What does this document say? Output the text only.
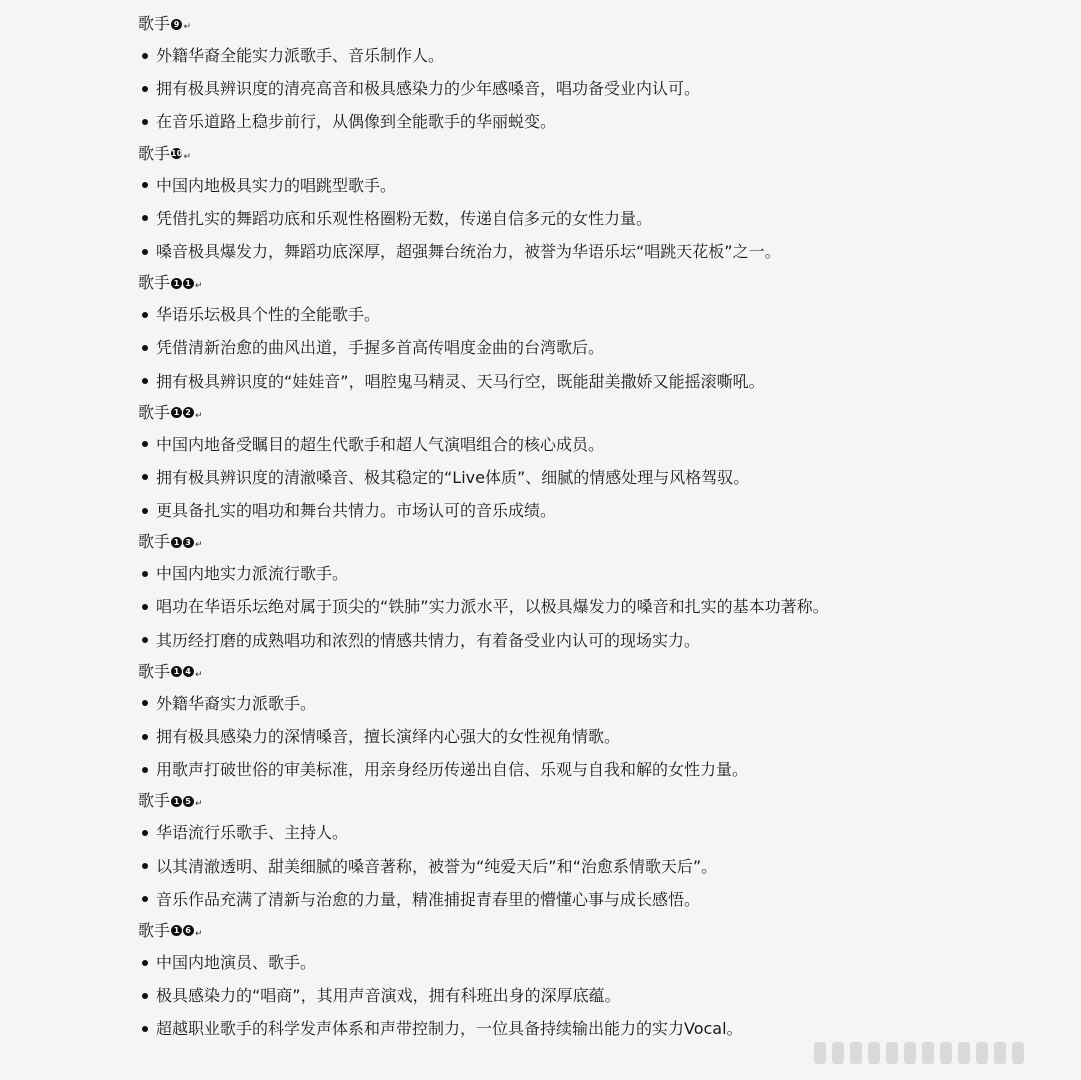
歌手 9 ↵
外籍华裔全能实力派歌手、音乐制作人。
拥有极具辨识度的清亮高音和极具感染力的少年感嗓音，唱功备受业内认可。
在音乐道路上稳步前行，从偶像到全能歌手的华丽蜕变。
歌手 10 ↵
中国内地极具实力的唱跳型歌手。
凭借扎实的舞蹈功底和乐观性格圈粉无数，传递自信多元的女性力量。
嗓音极具爆发力，舞蹈功底深厚，超强舞台统治力，被誉为华语乐坛“唱跳天花板”之一。
歌手 1 1 ↵
华语乐坛极具个性的全能歌手。
凭借清新治愈的曲风出道，手握多首高传唱度金曲的台湾歌后。
拥有极具辨识度的“娃娃音”，唱腔鬼马精灵、天马行空，既能甜美撒娇又能摇滚嘶吼。
歌手 1 2 ↵
中国内地备受瞩目的超生代歌手和超人气演唱组合的核心成员。
拥有极具辨识度的清澈嗓音、极其稳定的“Live体质”、细腻的情感处理与风格驾驭。
更具备扎实的唱功和舞台共情力。市场认可的音乐成绩。
歌手 1 3 ↵
中国内地实力派流行歌手。
唱功在华语乐坛绝对属于顶尖的“铁肺”实力派水平，以极具爆发力的嗓音和扎实的基本功著称。
其历经打磨的成熟唱功和浓烈的情感共情力，有着备受业内认可的现场实力。
歌手 1 4 ↵
外籍华裔实力派歌手。
拥有极具感染力的深情嗓音，擅长演绎内心强大的女性视角情歌。
用歌声打破世俗的审美标准，用亲身经历传递出自信、乐观与自我和解的女性力量。
歌手 1 5 ↵
华语流行乐歌手、主持人。
以其清澈透明、甜美细腻的嗓音著称，被誉为“纯爱天后”和“治愈系情歌天后”。
音乐作品充满了清新与治愈的力量，精准捕捉青春里的懵懂心事与成长感悟。
歌手 1 6 ↵
中国内地演员、歌手。
极具感染力的“唱商”，其用声音演戏，拥有科班出身的深厚底蕴。
超越职业歌手的科学发声体系和声带控制力，一位具备持续输出能力的实力Vocal。
